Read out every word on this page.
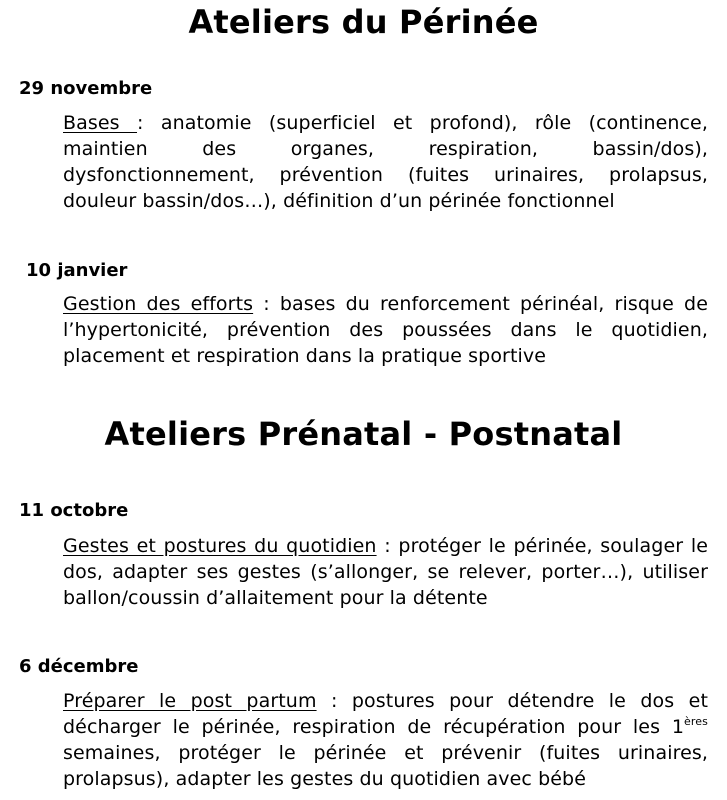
Ateliers du Périnée
29 novembre

Bases : anatomie (superficiel et profond), rôle (continence, maintien des organes, respiration, bassin/dos), dysfonctionnement, prévention (fuites urinaires, prolapsus, douleur bassin/dos…), définition d’un périnée fonctionnel

10 janvier

Gestion des efforts : bases du renforcement périnéal, risque de l’hypertonicité, prévention des poussées dans le quotidien, placement et respiration dans la pratique sportive

Ateliers Prénatal - Postnatal
11 octobre

Gestes et postures du quotidien : protéger le périnée, soulager le dos, adapter ses gestes (s’allonger, se relever, porter…), utiliser ballon/coussin d’allaitement pour la détente

6 décembre

Préparer le post partum : postures pour détendre le dos et décharger le périnée, respiration de récupération pour les 1ères semaines, protéger le périnée et prévenir (fuites urinaires, prolapsus), adapter les gestes du quotidien avec bébé
